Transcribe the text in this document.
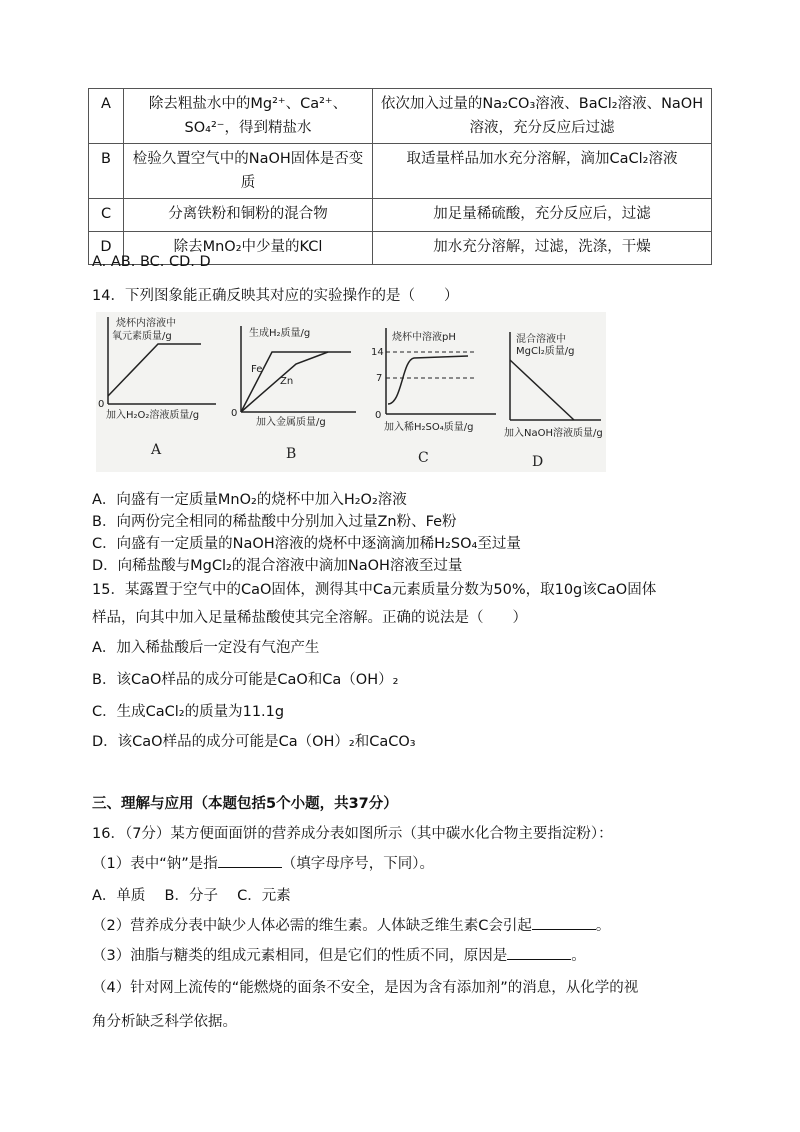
A	除去粗盐水中的Mg²⁺、Ca²⁺、SO₄²⁻，得到精盐水	依次加入过量的Na₂CO₃溶液、BaCl₂溶液、NaOH溶液，充分反应后过滤
B	检验久置空气中的NaOH固体是否变质	取适量样品加水充分溶解，滴加CaCl₂溶液
C	分离铁粉和铜粉的混合物	加足量稀硫酸，充分反应后，过滤
D	除去MnO₂中少量的KCl	加水充分溶解，过滤，洗涤，干燥
A. AB. BC. CD. D
14．下列图象能正确反映其对应的实验操作的是（　　）
烧杯内溶液中
氧元素质量/g
0
加入H₂O₂溶液质量/g
A
生成H₂质量/g
Fe
Zn
0
加入金属质量/g
B
烧杯中溶液pH
14
7
0
加入稀H₂SO₄质量/g
C
混合溶液中
MgCl₂质量/g
加入NaOH溶液质量/g
D
A．向盛有一定质量MnO₂的烧杯中加入H₂O₂溶液
B．向两份完全相同的稀盐酸中分别加入过量Zn粉、Fe粉
C．向盛有一定质量的NaOH溶液的烧杯中逐滴滴加稀H₂SO₄至过量
D．向稀盐酸与MgCl₂的混合溶液中滴加NaOH溶液至过量
15．某露置于空气中的CaO固体，测得其中Ca元素质量分数为50%，取10g该CaO固体
样品，向其中加入足量稀盐酸使其完全溶解。正确的说法是（　　）
A．加入稀盐酸后一定没有气泡产生
B．该CaO样品的成分可能是CaO和Ca（OH）₂
C．生成CaCl₂的质量为11.1g
D．该CaO样品的成分可能是Ca（OH）₂和CaCO₃
三、理解与应用（本题包括5个小题，共37分）
16．（7分）某方便面面饼的营养成分表如图所示（其中碳水化合物主要指淀粉）：
（1）表中“钠”是指	（填字母序号，下同）。
A．单质　 B．分子　 C．元素
（2）营养成分表中缺少人体必需的维生素。人体缺乏维生素C会引起	。
（3）油脂与糖类的组成元素相同，但是它们的性质不同，原因是	。
（4）针对网上流传的“能燃烧的面条不安全，是因为含有添加剂”的消息，从化学的视
角分析缺乏科学依据。
